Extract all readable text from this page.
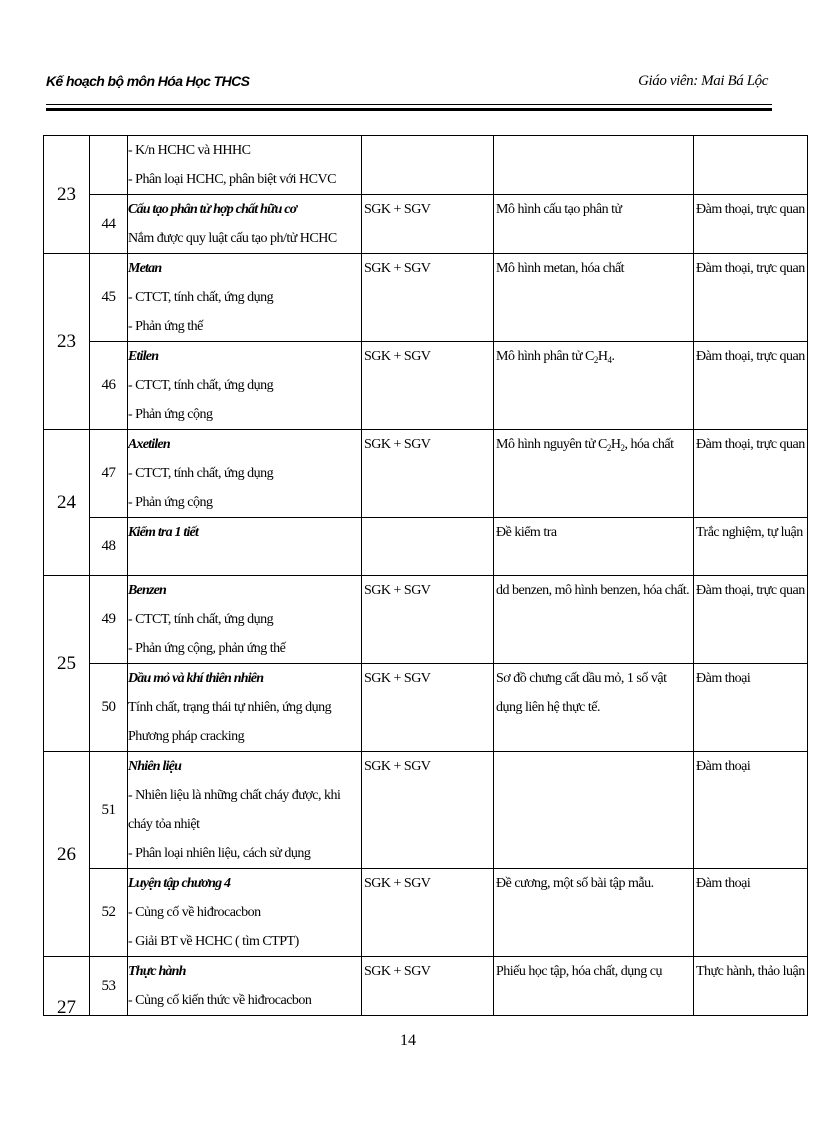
Kế hoạch bộ môn Hóa Học THCS	Giáo viên: Mai Bá Lộc
23		- K/n HCHC và HHHC
- Phân loại HCHC, phân biệt với HCVC			

	44	Cấu tạo phân tử hợp chất hữu cơ
Nắm được quy luật cấu tạo ph/tử HCHC	SGK + SGV	Mô hình cấu tạo phân tử	Đàm thoại, trực quan
23	45	Metan
- CTCT, tính chất, ứng dụng
- Phản ứng thế	SGK + SGV	Mô hình metan, hóa chất	Đàm thoại, trực quan
	46	Etilen
- CTCT, tính chất, ứng dụng
- Phản ứng cộng	SGK + SGV	Mô hình phân tử $C_2H_4$.	Đàm thoại, trực quan
24	47	Axetilen
- CTCT, tính chất, ứng dụng
- Phản ứng cộng	SGK + SGV	Mô hình nguyên tử $C_2H_2$, hóa chất	Đàm thoại, trực quan
	48	Kiểm tra 1 tiết		Đề kiểm tra	Trắc nghiệm, tự luận
25	49	Benzen
- CTCT, tính chất, ứng dụng
- Phản ứng cộng, phản ứng thế	SGK + SGV	dd benzen, mô hình benzen, hóa chất.	Đàm thoại, trực quan
	50	Dầu mỏ và khí thiên nhiên
Tính chất, trạng thái tự nhiên, ứng dụng
Phương pháp cracking	SGK + SGV	Sơ đồ chưng cất dầu mỏ, 1 số vật
dụng liên hệ thực tế.	Đàm thoại
26	51	Nhiên liệu
- Nhiên liệu là những chất cháy được, khi
cháy tỏa nhiệt
- Phân loại nhiên liệu, cách sử dụng	SGK + SGV		Đàm thoại
	52	Luyện tập chương 4
- Củng cố về hiđrocacbon
- Giải BT về HCHC ( tìm CTPT)	SGK + SGV	Đề cương, một số bài tập mẫu.	Đàm thoại
27	53	Thực hành
- Củng cố kiến thức về hiđrocacbon	SGK + SGV	Phiếu học tập, hóa chất, dụng cụ	Thực hành, thảo luận
14
